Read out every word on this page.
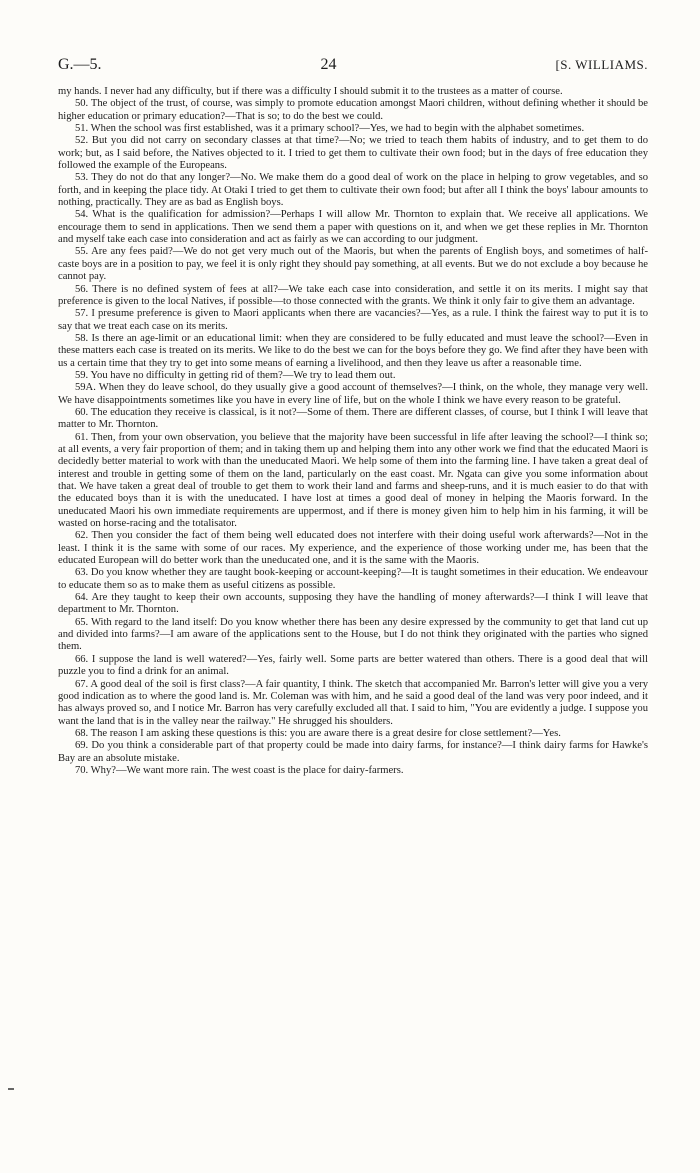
G.—5.	24	[S. WILLIAMS.

my hands. I never had any difficulty, but if there was a difficulty I should submit it to the trustees as a matter of course.

50. The object of the trust, of course, was simply to promote education amongst Maori children, without defining whether it should be higher education or primary education?—That is so; to do the best we could.

51. When the school was first established, was it a primary school?—Yes, we had to begin with the alphabet sometimes.

52. But you did not carry on secondary classes at that time?—No; we tried to teach them habits of industry, and to get them to do work; but, as I said before, the Natives objected to it. I tried to get them to cultivate their own food; but in the days of free education they followed the example of the Europeans.

53. They do not do that any longer?—No. We make them do a good deal of work on the place in helping to grow vegetables, and so forth, and in keeping the place tidy. At Otaki I tried to get them to cultivate their own food; but after all I think the boys' labour amounts to nothing, practically. They are as bad as English boys.

54. What is the qualification for admission?—Perhaps I will allow Mr. Thornton to explain that. We receive all applications. We encourage them to send in applications. Then we send them a paper with questions on it, and when we get these replies in Mr. Thornton and myself take each case into consideration and act as fairly as we can according to our judgment.

55. Are any fees paid?—We do not get very much out of the Maoris, but when the parents of English boys, and sometimes of half-caste boys are in a position to pay, we feel it is only right they should pay something, at all events. But we do not exclude a boy because he cannot pay.

56. There is no defined system of fees at all?—We take each case into consideration, and settle it on its merits. I might say that preference is given to the local Natives, if possible—to those connected with the grants. We think it only fair to give them an advantage.

57. I presume preference is given to Maori applicants when there are vacancies?—Yes, as a rule. I think the fairest way to put it is to say that we treat each case on its merits.

58. Is there an age-limit or an educational limit: when they are considered to be fully educated and must leave the school?—Even in these matters each case is treated on its merits. We like to do the best we can for the boys before they go. We find after they have been with us a certain time that they try to get into some means of earning a livelihood, and then they leave us after a reasonable time.

59. You have no difficulty in getting rid of them?—We try to lead them out.

59A. When they do leave school, do they usually give a good account of themselves?—I think, on the whole, they manage very well. We have disappointments sometimes like you have in every line of life, but on the whole I think we have every reason to be grateful.

60. The education they receive is classical, is it not?—Some of them. There are different classes, of course, but I think I will leave that matter to Mr. Thornton.

61. Then, from your own observation, you believe that the majority have been successful in life after leaving the school?—I think so; at all events, a very fair proportion of them; and in taking them up and helping them into any other work we find that the educated Maori is decidedly better material to work with than the uneducated Maori. We help some of them into the farming line. I have taken a great deal of interest and trouble in getting some of them on the land, particularly on the east coast. Mr. Ngata can give you some information about that. We have taken a great deal of trouble to get them to work their land and farms and sheep-runs, and it is much easier to do that with the educated boys than it is with the uneducated. I have lost at times a good deal of money in helping the Maoris forward. In the uneducated Maori his own immediate requirements are uppermost, and if there is money given him to help him in his farming, it will be wasted on horse-racing and the totalisator.

62. Then you consider the fact of them being well educated does not interfere with their doing useful work afterwards?—Not in the least. I think it is the same with some of our races. My experience, and the experience of those working under me, has been that the educated European will do better work than the uneducated one, and it is the same with the Maoris.

63. Do you know whether they are taught book-keeping or account-keeping?—It is taught sometimes in their education. We endeavour to educate them so as to make them as useful citizens as possible.

64. Are they taught to keep their own accounts, supposing they have the handling of money afterwards?—I think I will leave that department to Mr. Thornton.

65. With regard to the land itself: Do you know whether there has been any desire expressed by the community to get that land cut up and divided into farms?—I am aware of the applications sent to the House, but I do not think they originated with the parties who signed them.

66. I suppose the land is well watered?—Yes, fairly well. Some parts are better watered than others. There is a good deal that will puzzle you to find a drink for an animal.

67. A good deal of the soil is first class?—A fair quantity, I think. The sketch that accompanied Mr. Barron's letter will give you a very good indication as to where the good land is. Mr. Coleman was with him, and he said a good deal of the land was very poor indeed, and it has always proved so, and I notice Mr. Barron has very carefully excluded all that. I said to him, "You are evidently a judge. I suppose you want the land that is in the valley near the railway." He shrugged his shoulders.

68. The reason I am asking these questions is this: you are aware there is a great desire for close settlement?—Yes.

69. Do you think a considerable part of that property could be made into dairy farms, for instance?—I think dairy farms for Hawke's Bay are an absolute mistake.

70. Why?—We want more rain. The west coast is the place for dairy-farmers.
